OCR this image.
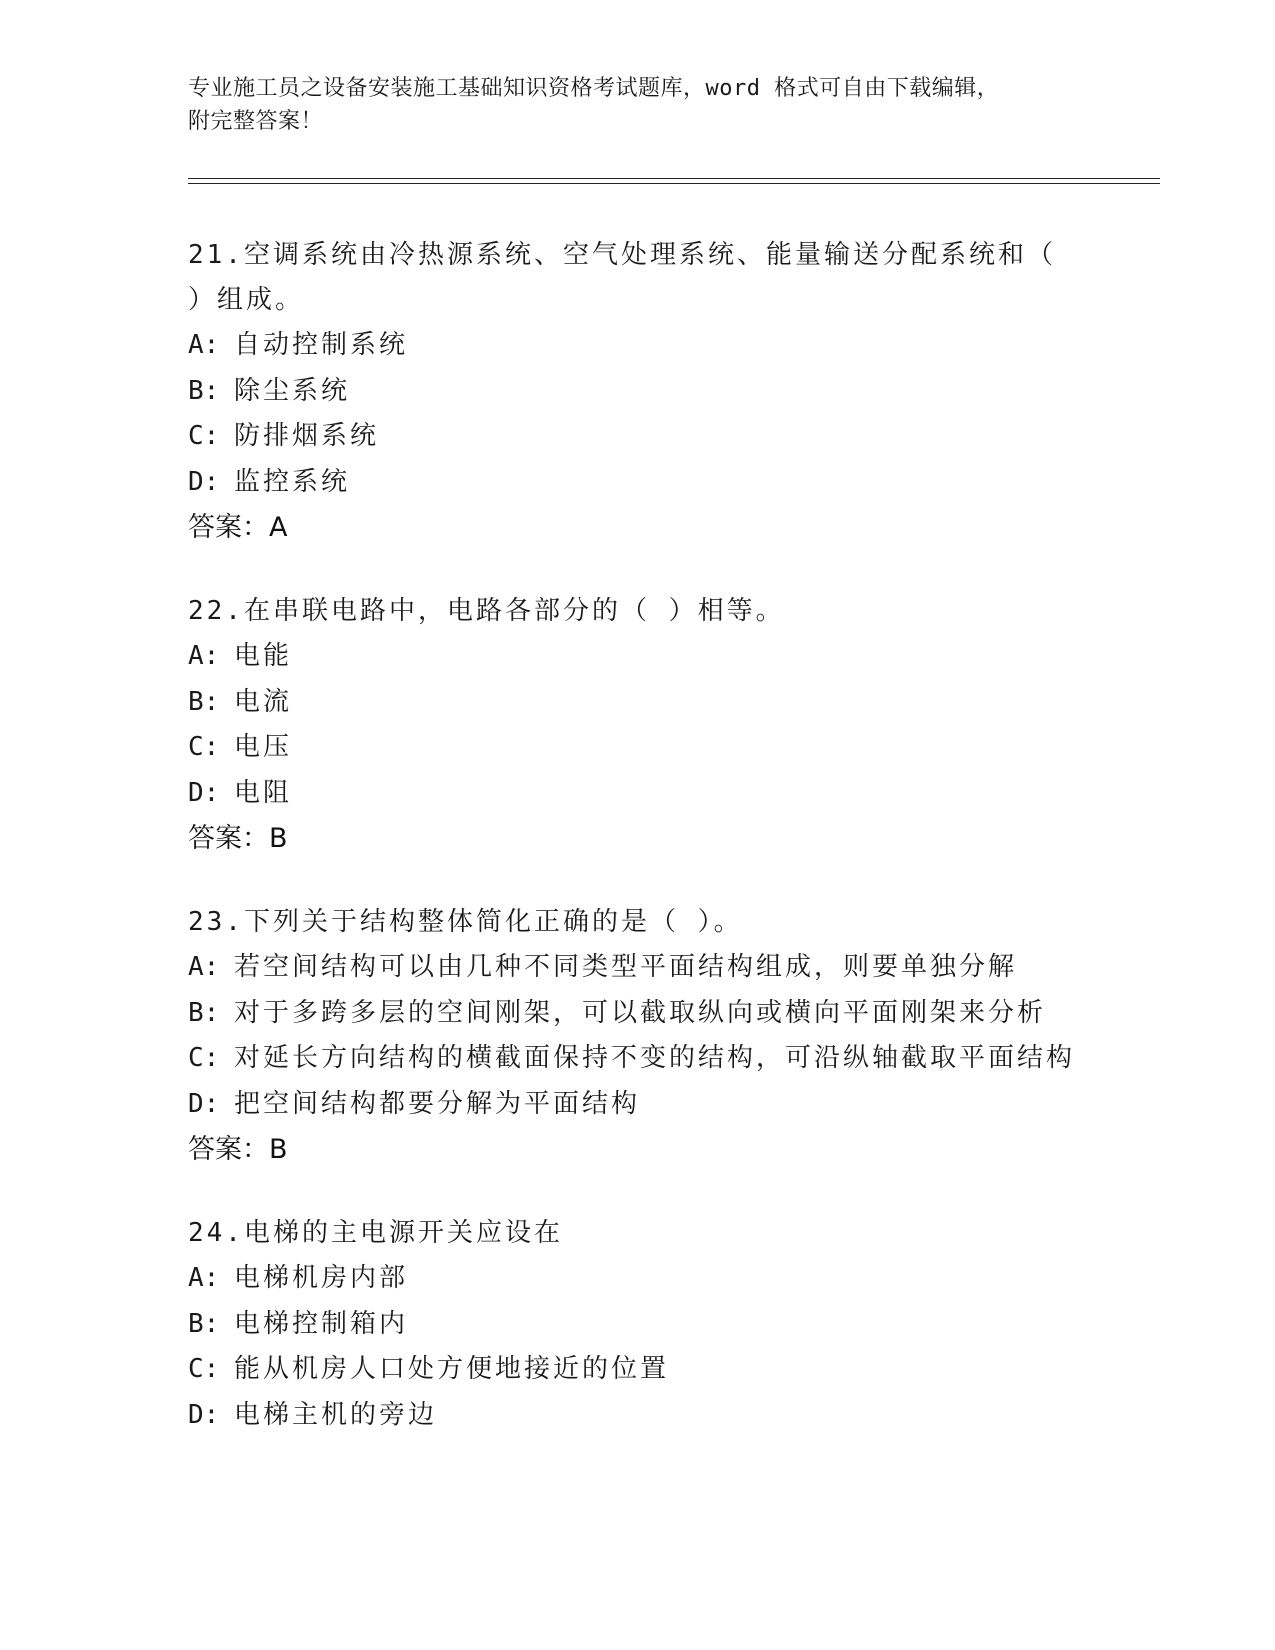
专业施工员之设备安装施工基础知识资格考试题库，word 格式可自由下载编辑，
附完整答案！

21.空调系统由冷热源系统、空气处理系统、能量输送分配系统和（

）组成。

A: 自动控制系统

B: 除尘系统

C: 防排烟系统

D: 监控系统

答案：A

22.在串联电路中，电路各部分的（ ）相等。

A: 电能

B: 电流

C: 电压

D: 电阻

答案：B

23.下列关于结构整体简化正确的是（ ）。

A: 若空间结构可以由几种不同类型平面结构组成，则要单独分解

B: 对于多跨多层的空间刚架，可以截取纵向或横向平面刚架来分析

C: 对延长方向结构的横截面保持不变的结构，可沿纵轴截取平面结构

D: 把空间结构都要分解为平面结构

答案：B

24.电梯的主电源开关应设在

A: 电梯机房内部

B: 电梯控制箱内

C: 能从机房人口处方便地接近的位置

D: 电梯主机的旁边
